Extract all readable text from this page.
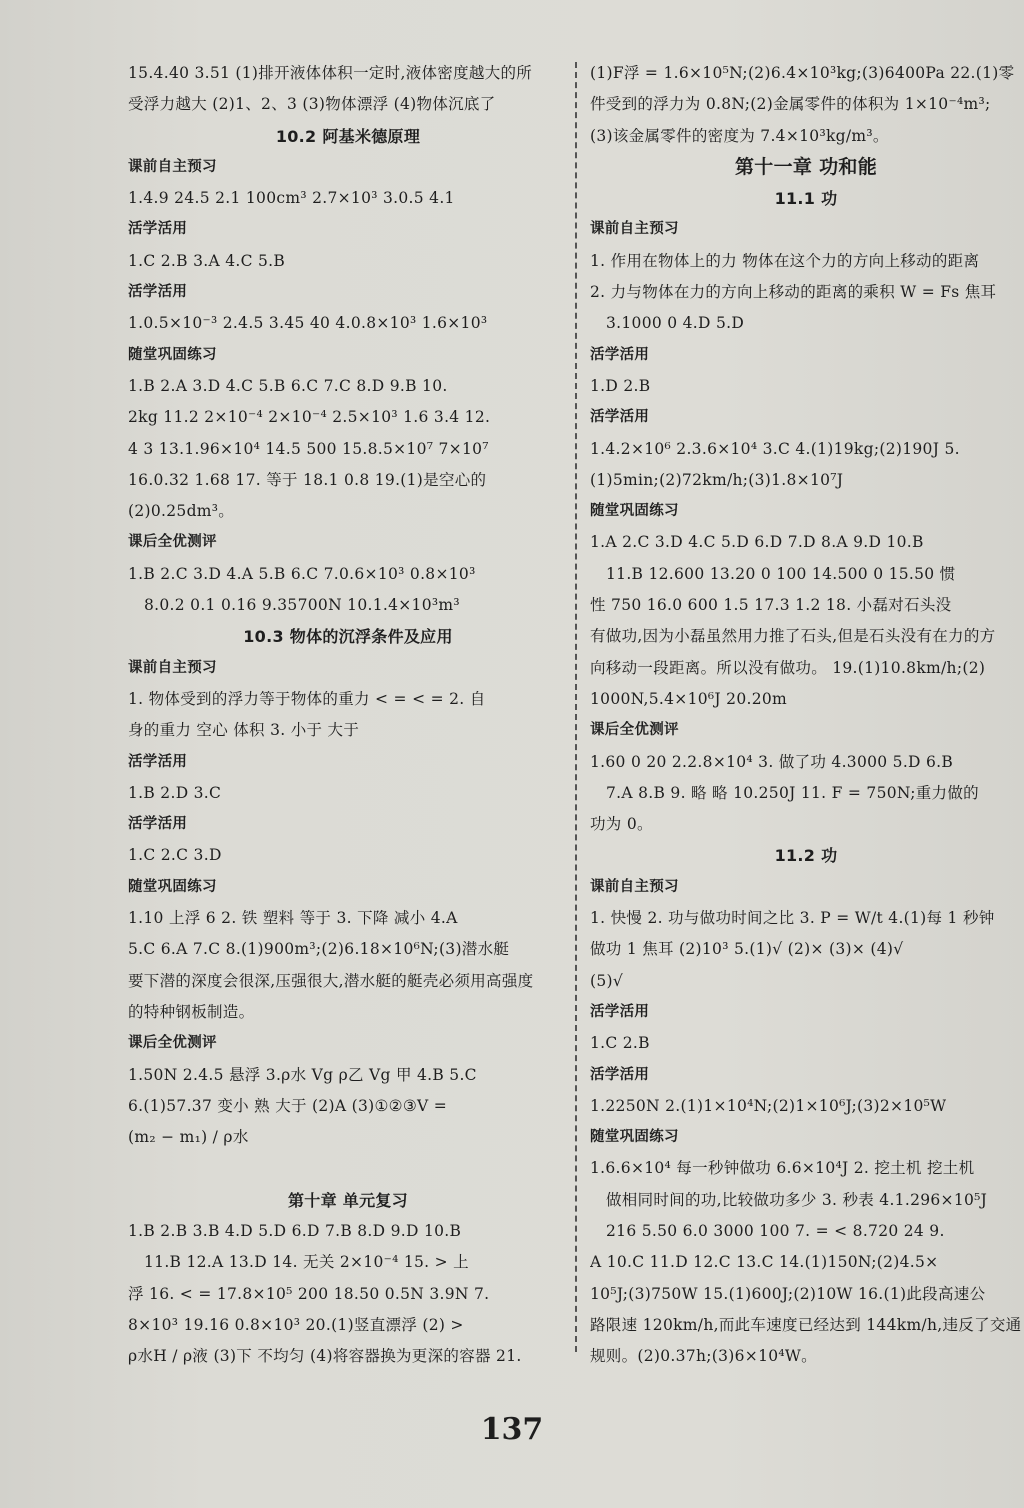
15.4.40 3.51 (1)排开液体体积一定时,液体密度越大的所
受浮力越大 (2)1、2、3 (3)物体漂浮 (4)物体沉底了
10.2 阿基米德原理
课前自主预习
1.4.9 24.5 2.1 100cm³ 2.7×10³ 3.0.5 4.1
活学活用
1.C 2.B 3.A 4.C 5.B
活学活用
1.0.5×10⁻³ 2.4.5 3.45 40 4.0.8×10³ 1.6×10³
随堂巩固练习
1.B 2.A 3.D 4.C 5.B 6.C 7.C 8.D 9.B 10.
2kg 11.2 2×10⁻⁴ 2×10⁻⁴ 2.5×10³ 1.6 3.4 12.
4 3 13.1.96×10⁴ 14.5 500 15.8.5×10⁷ 7×10⁷
16.0.32 1.68 17. 等于 18.1 0.8 19.(1)是空心的
(2)0.25dm³。
课后全优测评
1.B 2.C 3.D 4.A 5.B 6.C 7.0.6×10³ 0.8×10³
8.0.2 0.1 0.16 9.35700N 10.1.4×10³m³
10.3 物体的沉浮条件及应用
课前自主预习
1. 物体受到的浮力等于物体的重力 < = < = 2. 自
身的重力 空心 体积 3. 小于 大于
活学活用
1.B 2.D 3.C
活学活用
1.C 2.C 3.D
随堂巩固练习
1.10 上浮 6 2. 铁 塑料 等于 3. 下降 减小 4.A
5.C 6.A 7.C 8.(1)900m³;(2)6.18×10⁶N;(3)潜水艇
要下潜的深度会很深,压强很大,潜水艇的艇壳必须用高强度
的特种钢板制造。
课后全优测评
1.50N 2.4.5 悬浮 3.ρ水 Vg ρ乙 Vg 甲 4.B 5.C
6.(1)57.37 变小 熟 大于 (2)A (3)①②③V =
(m₂ − m₁) / ρ水
第十章 单元复习
1.B 2.B 3.B 4.D 5.D 6.D 7.B 8.D 9.D 10.B
11.B 12.A 13.D 14. 无关 2×10⁻⁴ 15. > 上
浮 16. < = 17.8×10⁵ 200 18.50 0.5N 3.9N 7.
8×10³ 19.16 0.8×10³ 20.(1)竖直漂浮 (2) >
ρ水H / ρ液 (3)下 不均匀 (4)将容器换为更深的容器 21.
(1)F浮 = 1.6×10⁵N;(2)6.4×10³kg;(3)6400Pa 22.(1)零
件受到的浮力为 0.8N;(2)金属零件的体积为 1×10⁻⁴m³;
(3)该金属零件的密度为 7.4×10³kg/m³。
第十一章 功和能
11.1 功
课前自主预习
1. 作用在物体上的力 物体在这个力的方向上移动的距离
2. 力与物体在力的方向上移动的距离的乘积 W = Fs 焦耳
3.1000 0 4.D 5.D
活学活用
1.D 2.B
活学活用
1.4.2×10⁶ 2.3.6×10⁴ 3.C 4.(1)19kg;(2)190J 5.
(1)5min;(2)72km/h;(3)1.8×10⁷J
随堂巩固练习
1.A 2.C 3.D 4.C 5.D 6.D 7.D 8.A 9.D 10.B
11.B 12.600 13.20 0 100 14.500 0 15.50 惯
性 750 16.0 600 1.5 17.3 1.2 18. 小磊对石头没
有做功,因为小磊虽然用力推了石头,但是石头没有在力的方
向移动一段距离。所以没有做功。 19.(1)10.8km/h;(2)
1000N,5.4×10⁶J 20.20m
课后全优测评
1.60 0 20 2.2.8×10⁴ 3. 做了功 4.3000 5.D 6.B
7.A 8.B 9. 略 略 10.250J 11. F = 750N;重力做的
功为 0。
11.2 功
课前自主预习
1. 快慢 2. 功与做功时间之比 3. P = W/t 4.(1)每 1 秒钟
做功 1 焦耳 (2)10³ 5.(1)√ (2)× (3)× (4)√
(5)√
活学活用
1.C 2.B
活学活用
1.2250N 2.(1)1×10⁴N;(2)1×10⁶J;(3)2×10⁵W
随堂巩固练习
1.6.6×10⁴ 每一秒钟做功 6.6×10⁴J 2. 挖土机 挖土机
做相同时间的功,比较做功多少 3. 秒表 4.1.296×10⁵J
216 5.50 6.0 3000 100 7. = < 8.720 24 9.
A 10.C 11.D 12.C 13.C 14.(1)150N;(2)4.5×
10⁵J;(3)750W 15.(1)600J;(2)10W 16.(1)此段高速公
路限速 120km/h,而此车速度已经达到 144km/h,违反了交通
规则。(2)0.37h;(3)6×10⁴W。
137
